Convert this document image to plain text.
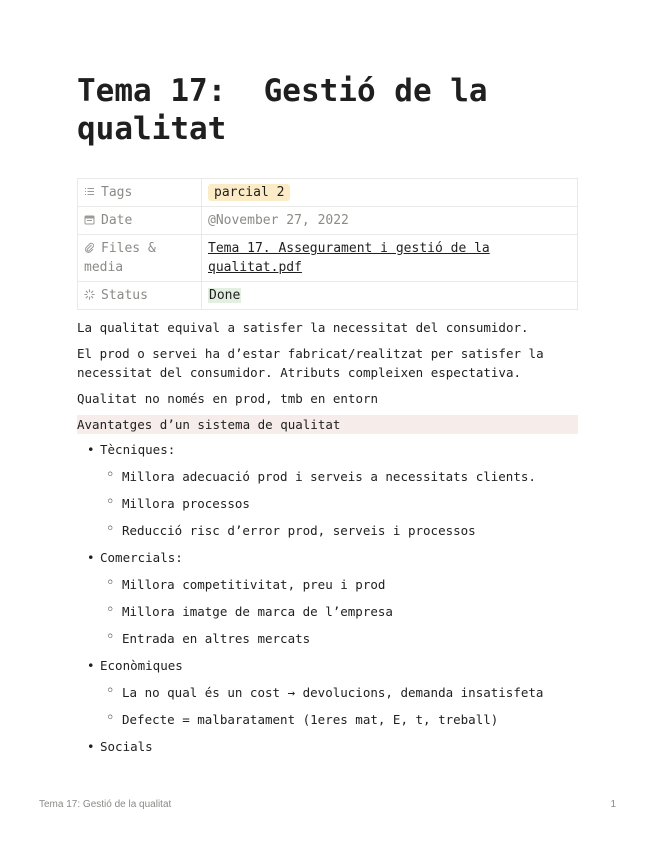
Tema 17:  Gestió de la qualitat
Tags	parcial 2

Date	@November 27, 2022

Files & media	Tema 17. Assegurament i gestió de la qualitat.pdf

Status	Done

La qualitat equival a satisfer la necessitat del consumidor.

El prod o servei ha d’estar fabricat/realitzat per satisfer la necessitat del consumidor. Atributs compleixen espectativa.

Qualitat no només en prod, tmb en entorn

Avantatges d’un sistema de qualitat
• Tècniques:
◦ Millora adecuació prod i serveis a necessitats clients.
◦ Millora processos
◦ Reducció risc d’error prod, serveis i processos
• Comercials:
◦ Millora competitivitat, preu i prod
◦ Millora imatge de marca de l’empresa
◦ Entrada en altres mercats
• Econòmiques
◦ La no qual és un cost → devolucions, demanda insatisfeta
◦ Defecte = malbaratament (1eres mat, E, t, treball)
• Socials
Tema 17: Gestió de la qualitat	1
